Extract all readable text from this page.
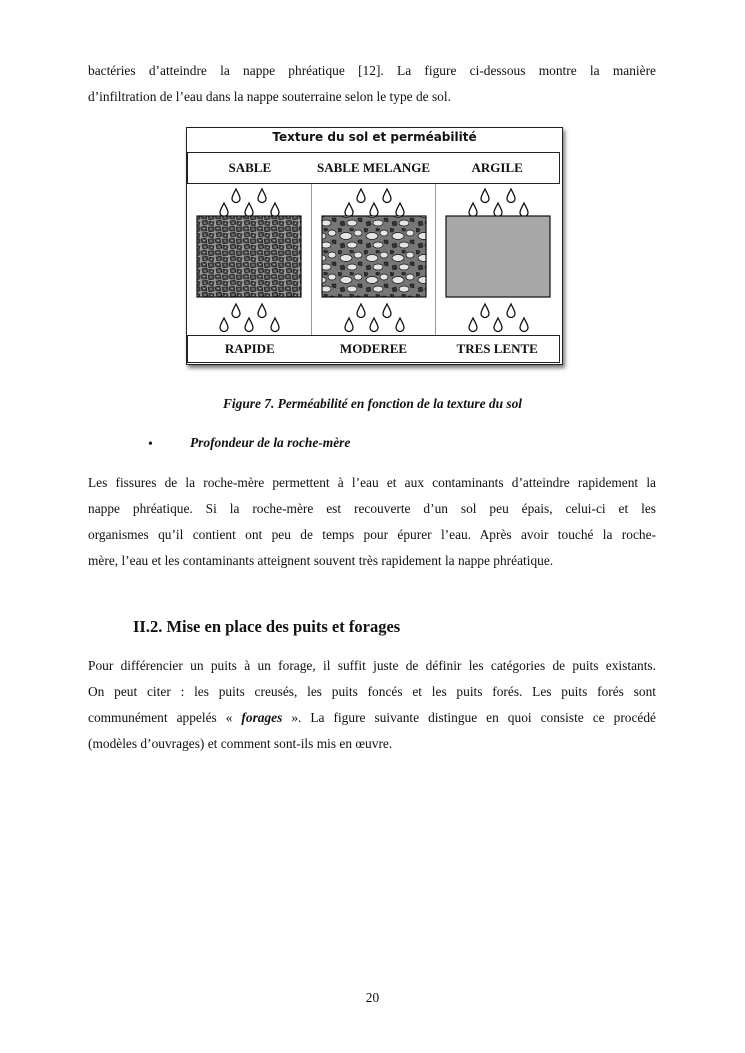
bactéries d’atteindre la nappe phréatique [12]. La figure ci-dessous montre la manière
d’infiltration de l’eau dans la nappe souterraine selon le type de sol.
Texture du sol et perméabilité
SABLE	SABLE MELANGE	ARGILE
RAPIDE	MODEREE	TRES LENTE
Figure 7. Perméabilité en fonction de la texture du sol
•	Profondeur de la roche-mère
Les fissures de la roche-mère permettent à l’eau et aux contaminants d’atteindre rapidement la
nappe phréatique. Si la roche-mère est recouverte d’un sol peu épais, celui-ci et les
organismes qu’il contient ont peu de temps pour épurer l’eau. Après avoir touché la roche-
mère, l’eau et les contaminants atteignent souvent très rapidement la nappe phréatique.
II.2. Mise en place des puits et forages
Pour différencier un puits à un forage, il suffit juste de définir les catégories de puits existants.
On peut citer : les puits creusés, les puits foncés et les puits forés. Les puits forés sont
communément appelés « forages ». La figure suivante distingue en quoi consiste ce procédé
(modèles d’ouvrages) et comment sont-ils mis en œuvre.
20
